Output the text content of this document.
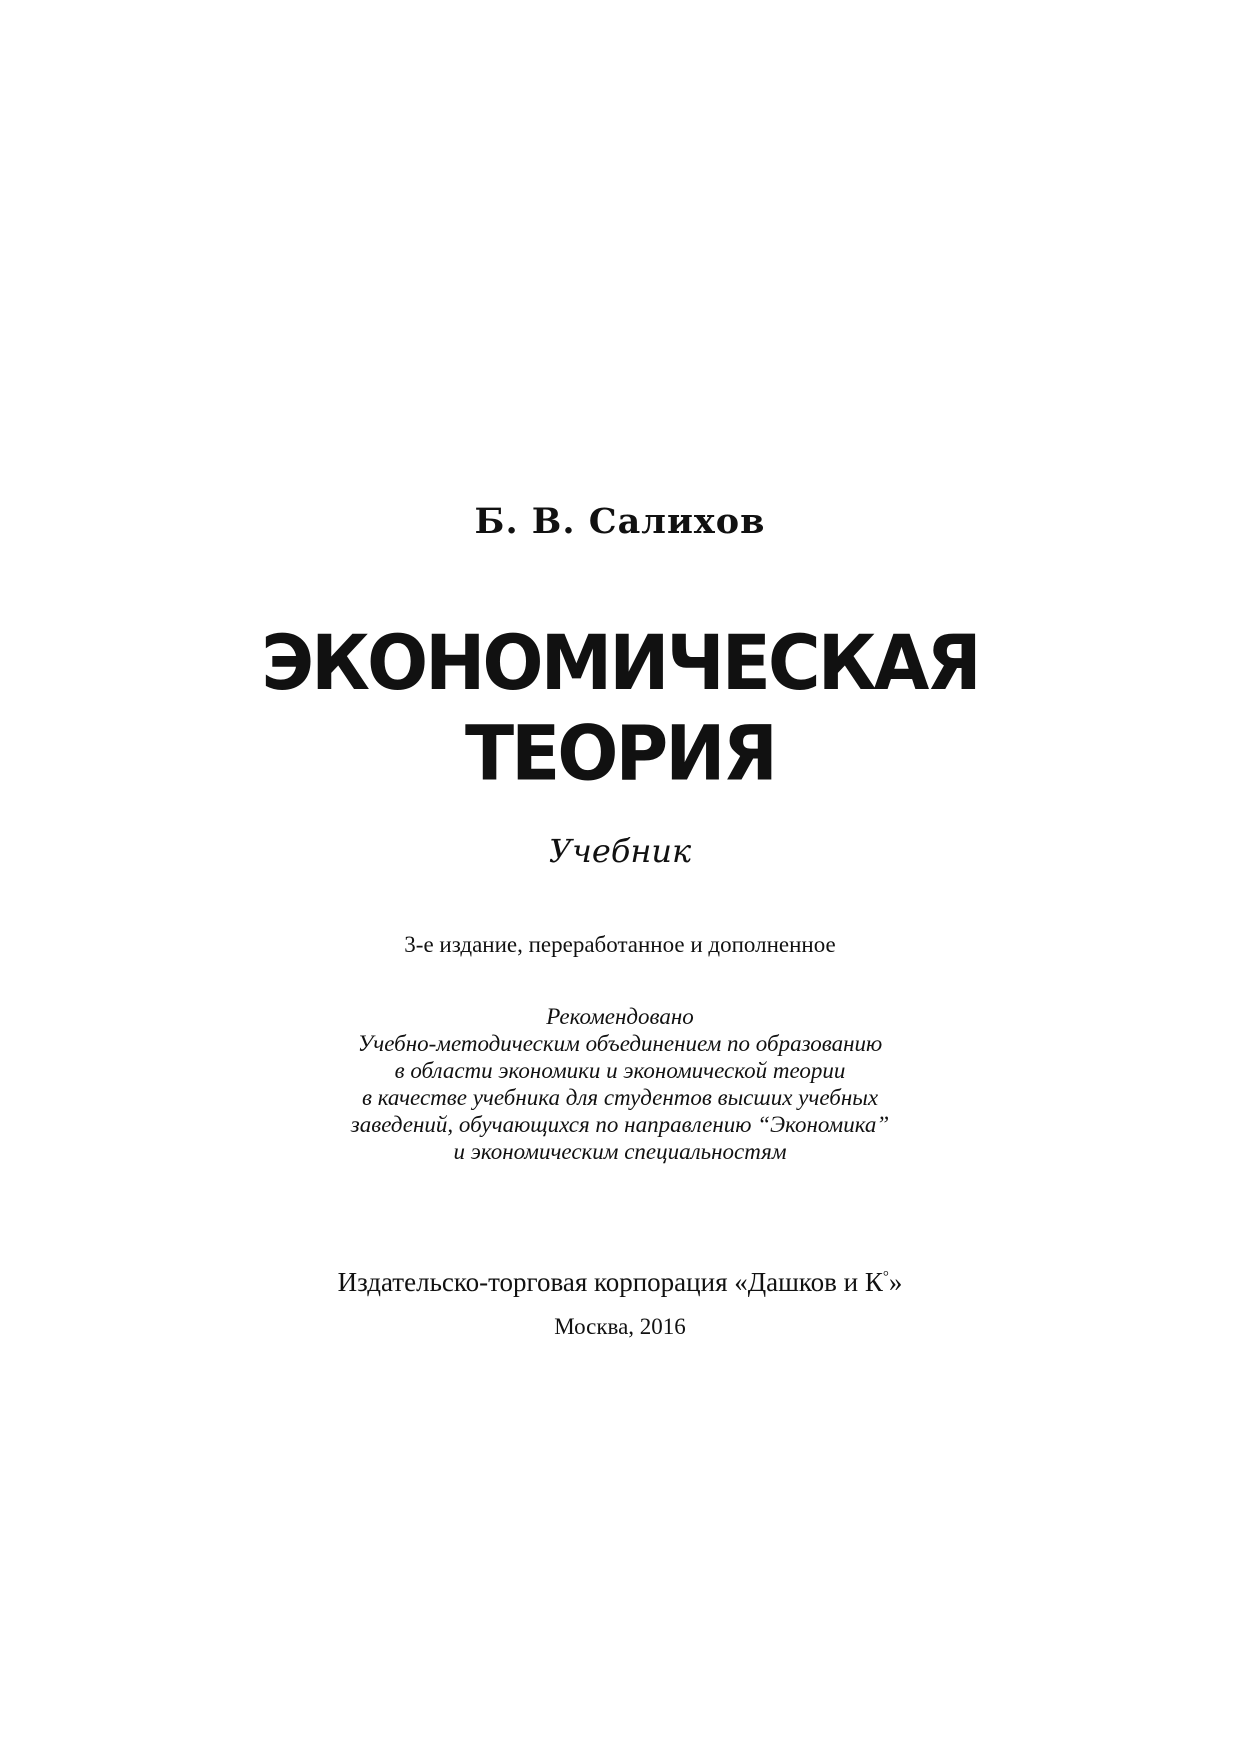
Б. В. Салихов
ЭКОНОМИЧЕСКАЯ
ТЕОРИЯ
Учебник
3-е издание, переработанное и дополненное
Рекомендовано
Учебно-методическим объединением по образованию
в области экономики и экономической теории
в качестве учебника для студентов высших учебных
заведений, обучающихся по направлению “Экономика”
и экономическим специальностям
Издательско-торговая корпорация «Дашков и К°»
Москва, 2016
